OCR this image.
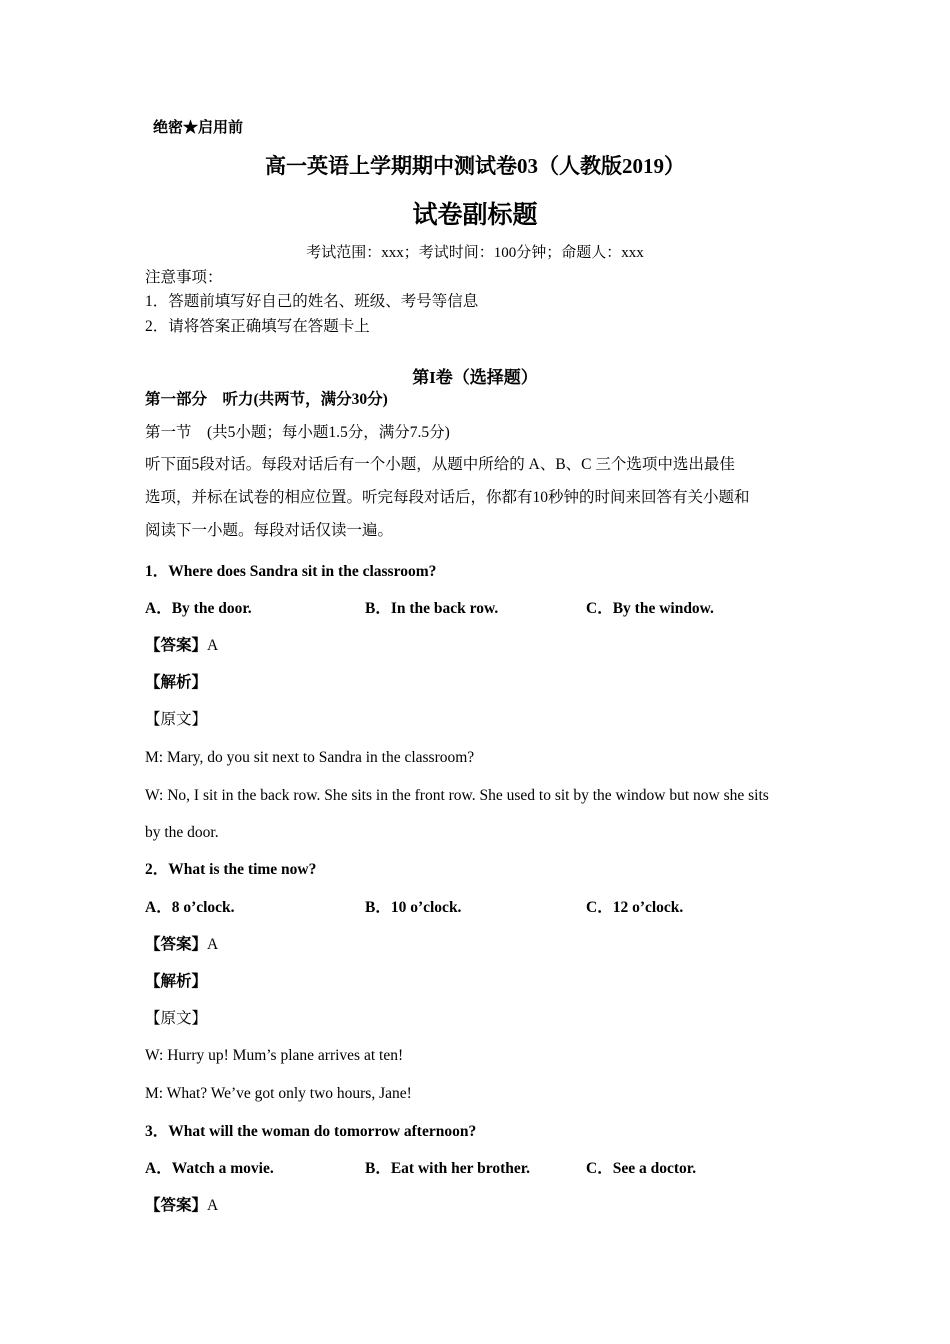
绝密★启用前
高一英语上学期期中测试卷03（人教版2019）
试卷副标题
考试范围：xxx；考试时间：100分钟；命题人：xxx
注意事项：
1．答题前填写好自己的姓名、班级、考号等信息
2．请将答案正确填写在答题卡上
第I卷（选择题）
第一部分　听力(共两节，满分30分)
第一节　(共5小题；每小题1.5分，满分7.5分)
听下面5段对话。每段对话后有一个小题，从题中所给的 A、B、C 三个选项中选出最佳
选项，并标在试卷的相应位置。听完每段对话后，你都有10秒钟的时间来回答有关小题和
阅读下一小题。每段对话仅读一遍。
1．Where does Sandra sit in the classroom?
A．By the door.	B．In the back row.	C．By the window.
【答案】A
【解析】
【原文】
M: Mary, do you sit next to Sandra in the classroom?
W: No, I sit in the back row. She sits in the front row. She used to sit by the window but now she sits
by the door.
2．What is the time now?
A．8 o’clock.	B．10 o’clock.	C．12 o’clock.
【答案】A
【解析】
【原文】
W: Hurry up! Mum’s plane arrives at ten!
M: What? We’ve got only two hours, Jane!
3．What will the woman do tomorrow afternoon?
A．Watch a movie.	B．Eat with her brother.	C．See a doctor.
【答案】A
